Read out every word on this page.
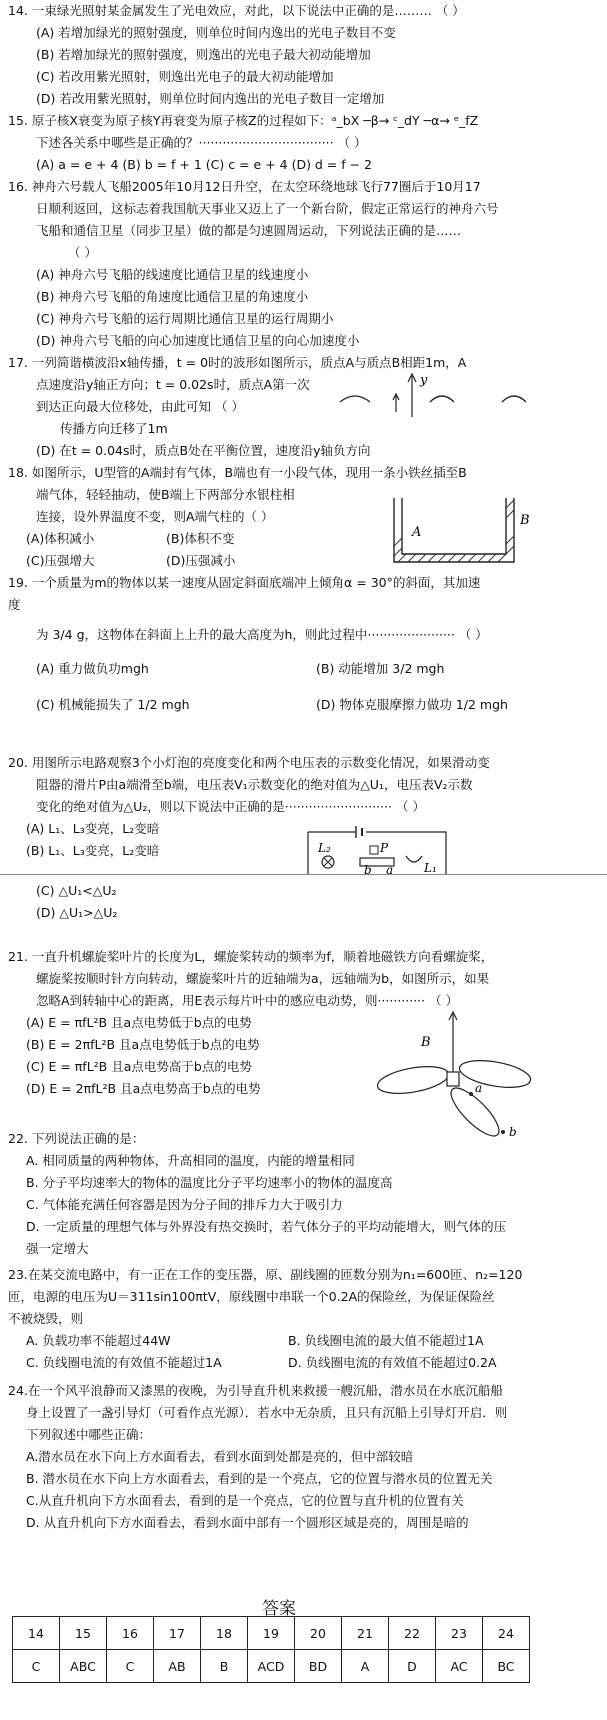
14. 一束绿光照射某金属发生了光电效应，对此，以下说法中正确的是……… （ ）
(A) 若增加绿光的照射强度，则单位时间内逸出的光电子数目不变
(B) 若增加绿光的照射强度，则逸出的光电子最大初动能增加
(C) 若改用紫光照射，则逸出光电子的最大初动能增加
(D) 若改用紫光照射，则单位时间内逸出的光电子数目一定增加
15. 原子核X衰变为原子核Y再衰变为原子核Z的过程如下：ᵃ_bX ─β→ ᶜ_dY ─α→ ᵉ_fZ
下述各关系中哪些是正确的？·································· （ ）
(A) a = e + 4 (B) b = f + 1 (C) c = e + 4 (D) d = f − 2
16. 神舟六号载人飞船2005年10月12日升空，在太空环绕地球飞行77圈后于10月17
日顺利返回，这标志着我国航天事业又迈上了一个新台阶，假定正常运行的神舟六号
飞船和通信卫星（同步卫星）做的都是匀速圆周运动，下列说法正确的是……
（ ）
(A) 神舟六号飞船的线速度比通信卫星的线速度小
(B) 神舟六号飞船的角速度比通信卫星的角速度小
(C) 神舟六号飞船的运行周期比通信卫星的运行周期小
(D) 神舟六号飞船的向心加速度比通信卫星的向心加速度小
17. 一列简谐横波沿x轴传播，t = 0时的波形如图所示，质点A与质点B相距1m，A
点速度沿y轴正方向；t = 0.02s时，质点A第一次
到达正向最大位移处，由此可知 （ ）
传播方向迁移了1m
(D) 在t = 0.04s时，质点B处在平衡位置，速度沿y轴负方向
y
18. 如图所示，U型管的A端封有气体，B端也有一小段气体，现用一条小铁丝插至B
端气体，轻轻抽动，使B端上下两部分水银柱相
连接，设外界温度不变，则A端气柱的（ ）
(A)体积减小	(B)体积不变
(C)压强增大	(D)压强减小
A
B
19. 一个质量为m的物体以某一速度从固定斜面底端冲上倾角α = 30°的斜面，其加速
度
为 3/4 g，这物体在斜面上上升的最大高度为h，则此过程中······················ （ ）
(A) 重力做负功mgh	(B) 动能增加 3/2 mgh
(C) 机械能损失了 1/2 mgh	(D) 物体克服摩擦力做功 1/2 mgh
20. 用图所示电路观察3个小灯泡的亮度变化和两个电压表的示数变化情况，如果滑动变
阻器的滑片P由a端滑至b端，电压表V₁示数变化的绝对值为△U₁，电压表V₂示数
变化的绝对值为△U₂，则以下说法中正确的是··························· （ ）
(A) L₁、L₃变亮，L₂变暗
(B) L₁、L₃变亮，L₂变暗	L₂	P
a
b	L₁
(C) △U₁<△U₂
(D) △U₁>△U₂
21. 一直升机螺旋桨叶片的长度为L，螺旋桨转动的频率为f，顺着地磁铁方向看螺旋桨，
螺旋桨按顺时针方向转动，螺旋桨叶片的近轴端为a，远轴端为b，如图所示，如果
忽略A到转轴中心的距离，用E表示每片叶中的感应电动势，则············ （ ）
(A) E = πfL²B 且a点电势低于b点的电势
(B) E = 2πfL²B 且a点电势低于b点的电势
(C) E = πfL²B 且a点电势高于b点的电势
(D) E = 2πfL²B 且a点电势高于b点的电势
B
a
b
22. 下列说法正确的是：
A. 相同质量的两种物体，升高相同的温度，内能的增量相同
B. 分子平均速率大的物体的温度比分子平均速率小的物体的温度高
C. 气体能充满任何容器是因为分子间的排斥力大于吸引力
D. 一定质量的理想气体与外界没有热交换时，若气体分子的平均动能增大，则气体的压
强一定增大
23.在某交流电路中，有一正在工作的变压器，原、副线圈的匝数分别为n₁=600匝、n₂=120
匝，电源的电压为U＝311sin100πtV，原线圈中串联一个0.2A的保险丝，为保证保险丝
不被烧毁，则
A. 负载功率不能超过44W	B. 负线圈电流的最大值不能超过1A
C. 负线圈电流的有效值不能超过1A	D. 负线圈电流的有效值不能超过0.2A
24.在一个风平浪静而又漆黑的夜晚，为引导直升机来救援一艘沉船，潜水员在水底沉船船
身上设置了一盏引导灯（可看作点光源）．若水中无杂质，且只有沉船上引导灯开启．则
下列叙述中哪些正确：
A.潜水员在水下向上方水面看去，看到水面到处都是亮的，但中部较暗
B. 潜水员在水下向上方水面看去，看到的是一个亮点，它的位置与潜水员的位置无关
C.从直升机向下方水面看去，看到的是一个亮点，它的位置与直升机的位置有关
D. 从直升机向下方水面看去，看到水面中部有一个圆形区域是亮的，周围是暗的
答案
14	15	16	17	18	19	20	21	22	23	24
C	ABC	C	AB	B	ACD	BD	A	D	AC	BC
